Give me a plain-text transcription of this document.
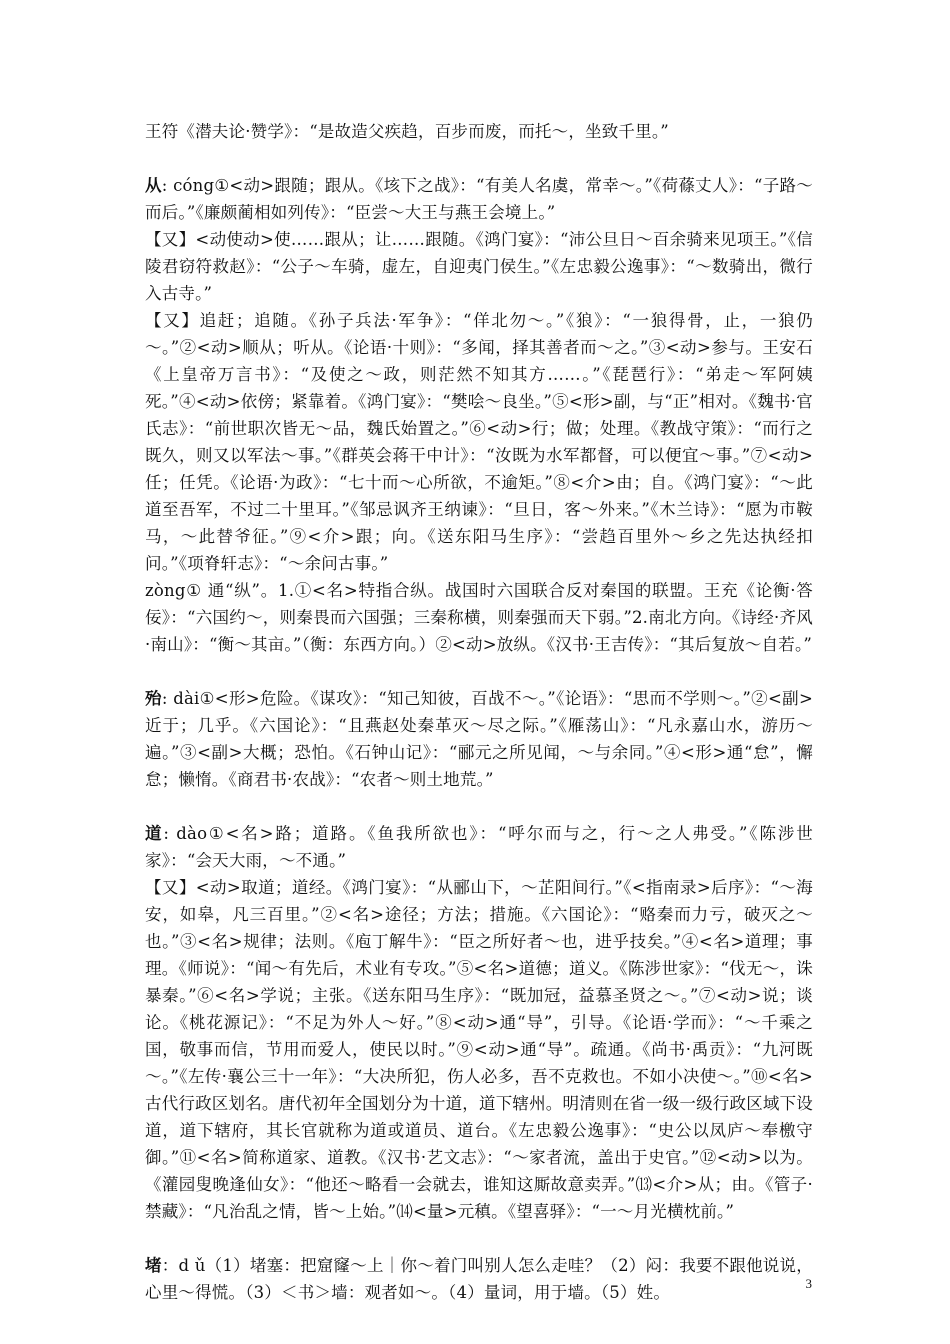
王符《潜夫论·赞学》：“是故造父疾趋，百步而废，而托～，坐致千里。”

从: cóng①<动>跟随；跟从。《垓下之战》：“有美人名虞，常幸～。”《荷蓧丈人》：“子路～而后。”《廉颇蔺相如列传》：“臣尝～大王与燕王会境上。”

【又】<动使动>使……跟从；让……跟随。《鸿门宴》：“沛公旦日～百余骑来见项王。”《信陵君窃符救赵》：“公子～车骑，虚左，自迎夷门侯生。”《左忠毅公逸事》：“～数骑出，微行入古寺。”

【又】追赶；追随。《孙子兵法·军争》：“佯北勿～。”《狼》：“一狼得骨，止，一狼仍～。”②<动>顺从；听从。《论语·十则》：“多闻，择其善者而～之。”③<动>参与。王安石《上皇帝万言书》：“及使之～政，则茫然不知其方……。”《琵琶行》：“弟走～军阿姨死。”④<动>依傍；紧靠着。《鸿门宴》：“樊哙～良坐。”⑤<形>副，与“正”相对。《魏书·官氏志》：“前世职次皆无～品，魏氏始置之。”⑥<动>行；做；处理。《教战守策》：“而行之既久，则又以军法～事。”《群英会蒋干中计》：“汝既为水军都督，可以便宜～事。”⑦<动>任；任凭。《论语·为政》：“七十而～心所欲，不逾矩。”⑧<介>由；自。《鸿门宴》：“～此道至吾军，不过二十里耳。”《邹忌讽齐王纳谏》：“旦日，客～外来。”《木兰诗》：“愿为市鞍马，～此替爷征。”⑨<介>跟；向。《送东阳马生序》：“尝趋百里外～乡之先达执经扣问。”《项脊轩志》：“～余问古事。”

zòng① 通“纵”。1.①<名>特指合纵。战国时六国联合反对秦国的联盟。王充《论衡·答佞》：“六国约～，则秦畏而六国强；三秦称横，则秦强而天下弱。”2.南北方向。《诗经·齐风·南山》：“衡～其亩。”（衡：东西方向。）②<动>放纵。《汉书·王吉传》：“其后复放～自若。”

殆: dài①<形>危险。《谋攻》：“知己知彼，百战不～。”《论语》：“思而不学则～。”②<副>近于；几乎。《六国论》：“且燕赵处秦革灭～尽之际。”《雁荡山》：“凡永嘉山水，游历～遍。”③<副>大概；恐怕。《石钟山记》：“郦元之所见闻，～与余同。”④<形>通“怠”，懈怠；懒惰。《商君书·农战》：“农者～则土地荒。”

道: dào①<名>路；道路。《鱼我所欲也》：“呼尔而与之，行～之人弗受。”《陈涉世家》：“会天大雨，～不通。”

【又】<动>取道；道经。《鸿门宴》：“从郦山下，～芷阳间行。”《<指南录>后序》：“～海安，如皋，凡三百里。”②<名>途径；方法；措施。《六国论》：“赂秦而力亏，破灭之～也。”③<名>规律；法则。《庖丁解牛》：“臣之所好者～也，进乎技矣。”④<名>道理；事理。《师说》：“闻～有先后，术业有专攻。”⑤<名>道德；道义。《陈涉世家》：“伐无～，诛暴秦。”⑥<名>学说；主张。《送东阳马生序》：“既加冠，益慕圣贤之～。”⑦<动>说；谈论。《桃花源记》：“不足为外人～好。”⑧<动>通“导”，引导。《论语·学而》：“～千乘之国，敬事而信，节用而爱人，使民以时。”⑨<动>通“导”。疏通。《尚书·禹贡》：“九河既～。”《左传·襄公三十一年》：“大决所犯，伤人必多，吾不克救也。不如小决使～。”⑩<名>古代行政区划名。唐代初年全国划分为十道，道下辖州。明清则在省一级一级行政区域下设道，道下辖府，其长官就称为道或道员、道台。《左忠毅公逸事》：“史公以凤庐～奉檄守御。”⑪<名>简称道家、道教。《汉书·艺文志》：“～家者流，盖出于史官。”⑫<动>以为。《灌园叟晚逢仙女》：“他还～略看一会就去，谁知这厮故意卖弄。”⒀<介>从；由。《管子·禁藏》：“凡治乱之情，皆～上始。”⒁<量>元稹。《望喜驿》：“一～月光横枕前。”

堵：d ǔ（1）堵塞：把窟窿～上｜你～着门叫别人怎么走哇？（2）闷：我要不跟他说说，心里～得慌。（3）＜书＞墙：观者如～。（4）量词，用于墙。（5）姓。	3
